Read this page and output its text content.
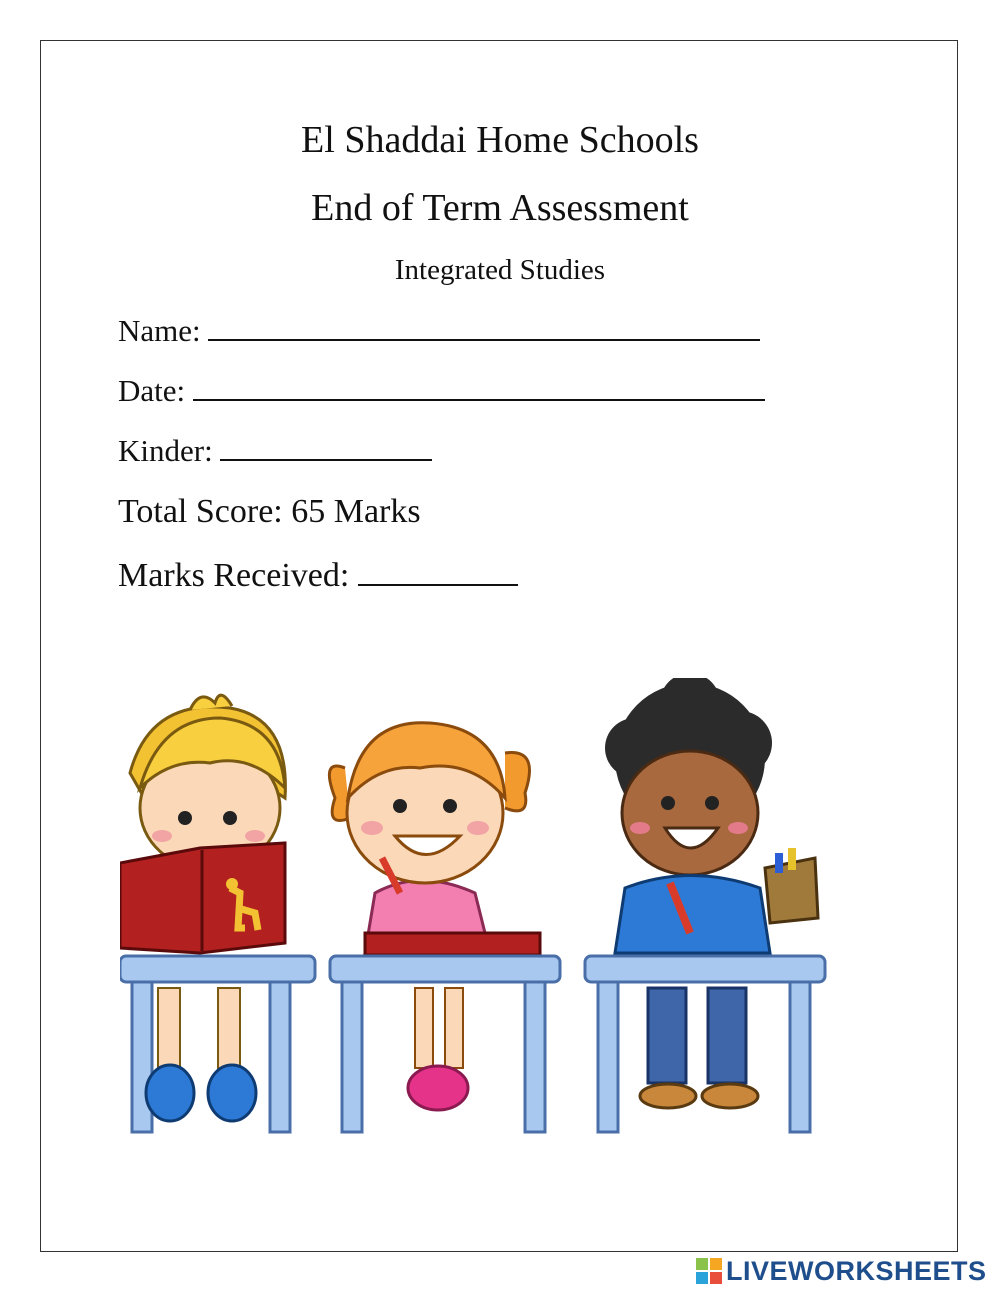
El Shaddai Home Schools
End of Term Assessment
Integrated Studies
Name:
Date:
Kinder:
Total Score: 65 Marks
Marks Received:
LIVEWORKSHEETS
